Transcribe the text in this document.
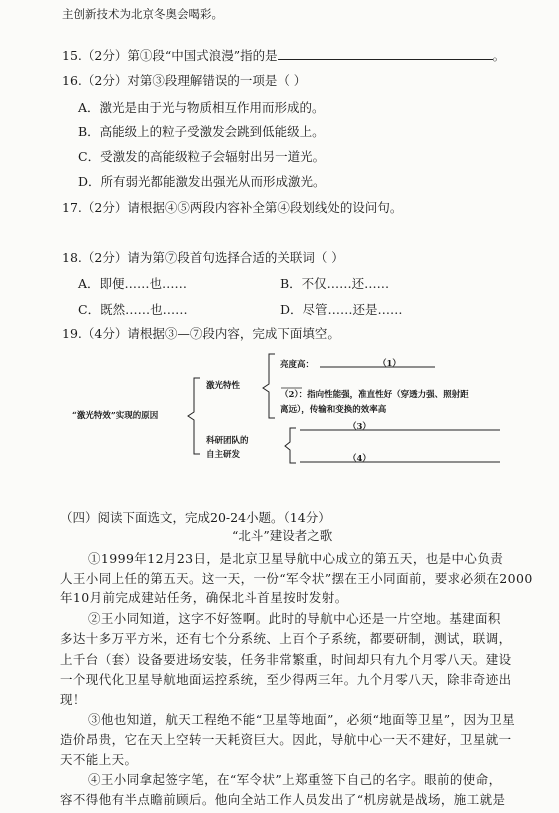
主创新技术为北京冬奥会喝彩。
15.（2分）第①段“中国式浪漫”指的是	。
16.（2分）对第③段理解错误的一项是（ ）
A．激光是由于光与物质相互作用而形成的。
B．高能级上的粒子受激发会跳到低能级上。
C．受激发的高能级粒子会辐射出另一道光。
D．所有弱光都能激发出强光从而形成激光。
17.（2分）请根据④⑤两段内容补全第④段划线处的设问句。
18.（2分）请为第⑦段首句选择合适的关联词（ ）
A．即便……也……	B．不仅……还……
C．既然……也……	D．尽管……还是……
19.（4分）请根据③—⑦段内容，完成下面填空。
“激光特效”实现的原因
激光特性
科研团队的
自主研发
亮度高：	（1）
（2）：指向性能强，准直性好（穿透力强、照射距
离远），传输和变换的效率高
（3）
（4）
（四）阅读下面选文，完成20-24小题。（14分）
“北斗”建设者之歌
①1999年12月23日，是北京卫星导航中心成立的第五天，也是中心负责
人王小同上任的第五天。这一天，一份“军令状”摆在王小同面前，要求必须在2000
年10月前完成建站任务，确保北斗首星按时发射。
②王小同知道，这字不好签啊。此时的导航中心还是一片空地。基建面积
多达十多万平方米，还有七个分系统、上百个子系统，都要研制，测试，联调，
上千台（套）设备要进场安装，任务非常繁重，时间却只有九个月零八天。建设
一个现代化卫星导航地面运控系统，至少得两三年。九个月零八天，除非奇迹出
现！
③他也知道，航天工程绝不能“卫星等地面”，必须“地面等卫星”，因为卫星
造价昂贵，它在天上空转一天耗资巨大。因此，导航中心一天不建好，卫星就一
天不能上天。
④王小同拿起签字笔，在“军令状”上郑重签下自己的名字。眼前的使命，
容不得他有半点瞻前顾后。他向全站工作人员发出了“机房就是战场，施工就是
